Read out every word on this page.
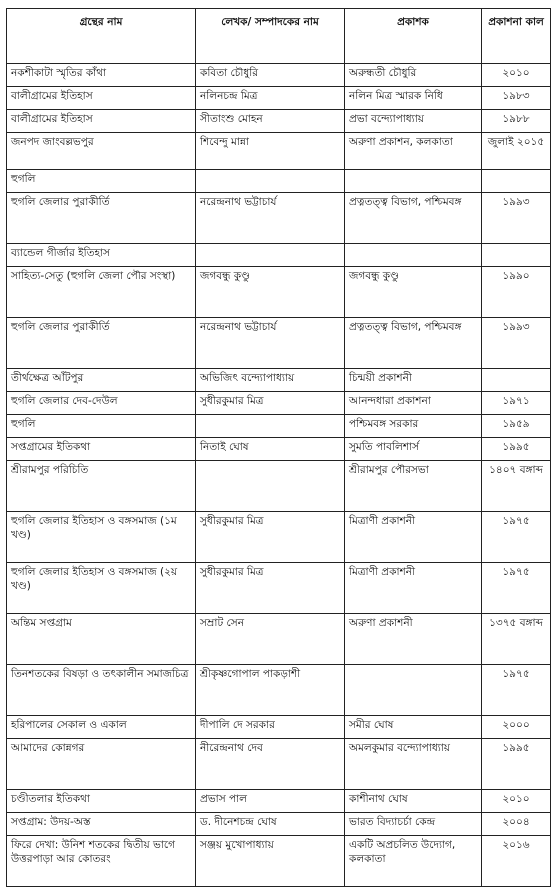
গ্রন্থের নাম	লেখক/ সম্পাদকের নাম	প্রকাশক	প্রকাশনা কাল
নকশীকাটা স্মৃতির কাঁথা	কবিতা চৌধুরি	অরুন্ধতী চৌধুরি	২০১০
বালীগ্রামের ইতিহাস	নলিনচন্দ্র মিত্র	নলিন মিত্র স্মারক নিধি	১৯৮৩
বালীগ্রামের ইতিহাস	সীতাংশু মোহন	প্রভা বন্দ্যোপাধ্যায়	১৯৮৮
জনপদ জাংবল্লভপুর	শিবেন্দু মান্না	অরুণা প্রকাশন, কলকাতা	জুলাই ২০১৫
হুগলি			
হুগলি জেলার পুরাকীর্তি	নরেন্দ্রনাথ ভট্টাচার্য	প্রত্নতত্ত্ব বিভাগ, পশ্চিমবঙ্গ	১৯৯৩
ব্যান্ডেল গীর্জার ইতিহাস			
সাহিত্য-সেতু (হুগলি জেলা পৌর সংস্থা)	জগবন্ধু কুণ্ডু	জগবন্ধু কুণ্ডু	১৯৯০
হুগলি জেলার পুরাকীর্তি	নরেন্দ্রনাথ ভট্টাচার্য	প্রত্নতত্ত্ব বিভাগ, পশ্চিমবঙ্গ	১৯৯৩
তীর্থক্ষেত্র আঁটপুর	অভিজিৎ বন্দ্যোপাধ্যায়	চিন্ময়ী প্রকাশনী	
হুগলি জেলার দেব-দেউল	সুধীরকুমার মিত্র	আনন্দধারা প্রকাশনা	১৯৭১
হুগলি		পশ্চিমবঙ্গ সরকার	১৯৫৯
সপ্তগ্রামের ইতিকথা	নিতাই ঘোষ	সুমতি পাবলিশার্স	১৯৯৫
শ্রীরামপুর পরিচিতি		শ্রীরামপুর পৌরসভা	১৪০৭ বঙ্গাব্দ
হুগলি জেলার ইতিহাস ও বঙ্গসমাজ (১ম খণ্ড)	সুধীরকুমার মিত্র	মিত্রাণী প্রকাশনী	১৯৭৫
হুগলি জেলার ইতিহাস ও বঙ্গসমাজ (২য় খণ্ড)	সুধীরকুমার মিত্র	মিত্রাণী প্রকাশনী	১৯৭৫
অন্তিম সপ্তগ্রাম	সম্রাট সেন	অরুণা প্রকাশনী	১৩৭৫ বঙ্গাব্দ
তিনশতকের বিষড়া ও তৎকালীন সমাজচিত্র	শ্রীকৃষ্ণগোপাল পাকড়াশী		১৯৭৫
হরিপালের সেকাল ও একাল	দীপালি দে সরকার	সমীর ঘোষ	২০০০
আমাদের কোন্নগর	নীরেন্দ্রনাথ দেব	অমলকুমার বন্দ্যোপাধ্যায়	১৯৯৫
চণ্ডীতলার ইতিকথা	প্রভাস পাল	কাশীনাথ ঘোষ	২০১০
সপ্তগ্রাম: উদয়-অস্ত	ড. দীনেশচন্দ্র ঘোষ	ভারত বিদ্যাচর্চা কেন্দ্র	২০০৪
ফিরে দেখা: উনিশ শতকের দ্বিতীয় ভাগে উত্তরপাড়া আর কোতরং	সঞ্জয় মুখোপাধ্যায়	একটি অপ্রচলিত উদ্যোগ, কলকাতা	২০১৬
